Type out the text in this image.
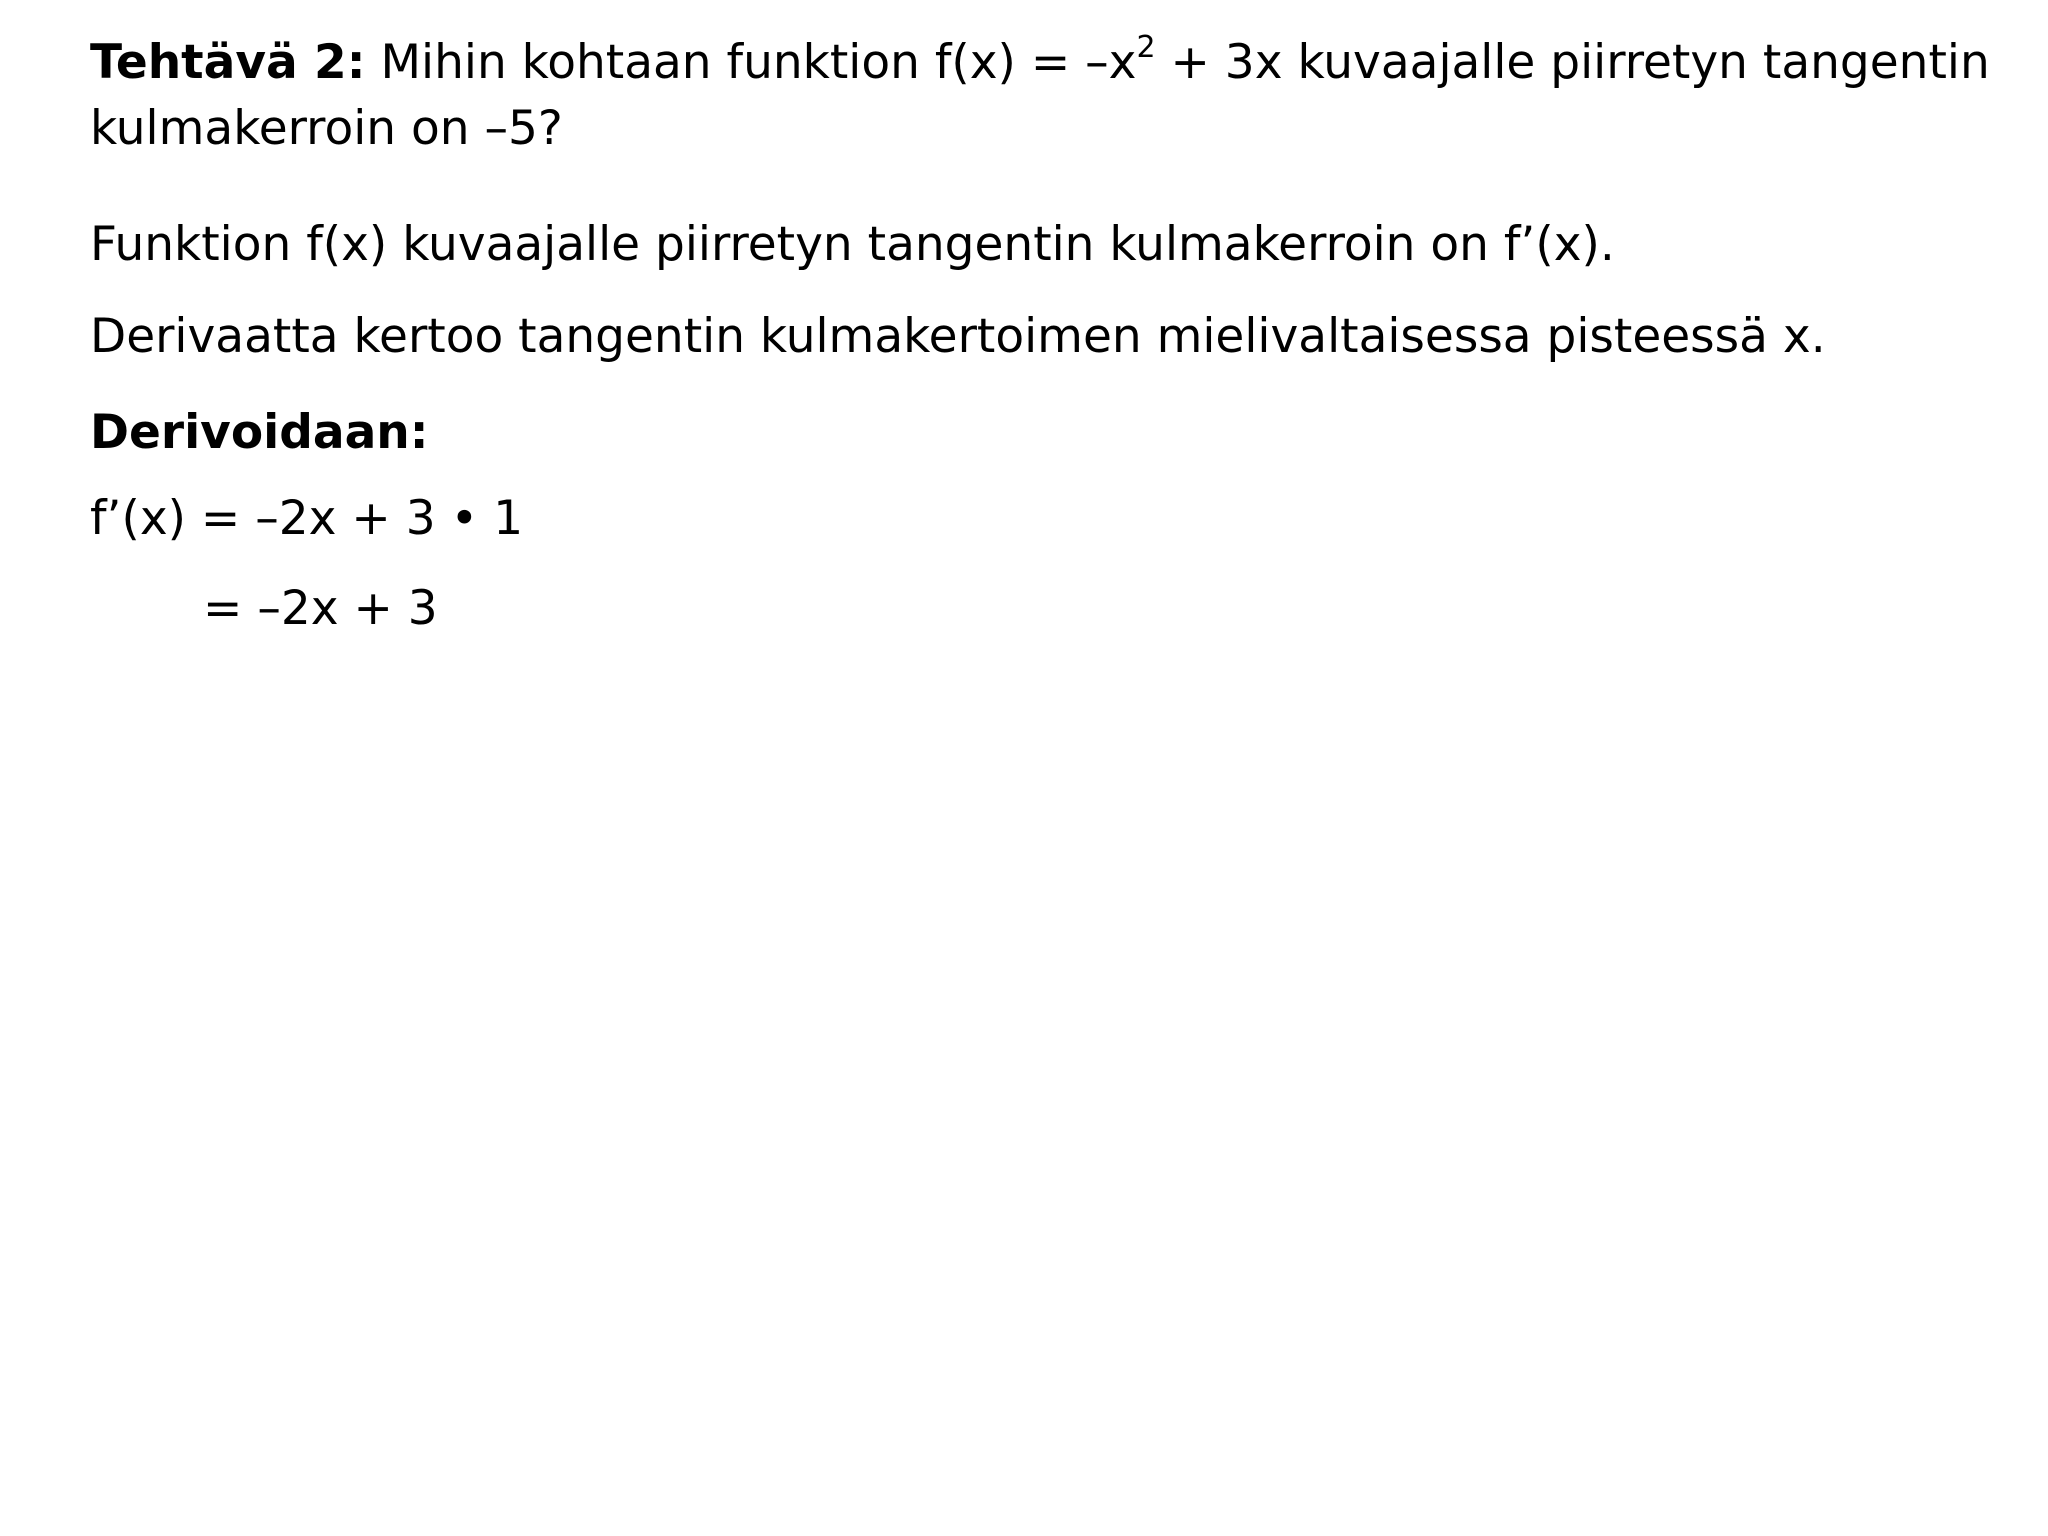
Tehtävä 2: Mihin kohtaan funktion $f(x) = -x^2 + 3x$ kuvaajalle piirretyn tangentin kulmakerroin on –5?

Funktion f(x) kuvaajalle piirretyn tangentin kulmakerroin on f’(x).

Derivaatta kertoo tangentin kulmakertoimen mielivaltaisessa pisteessä x.

Derivoidaan:

f’(x) = –2x + 3 • 1

= –2x + 3
